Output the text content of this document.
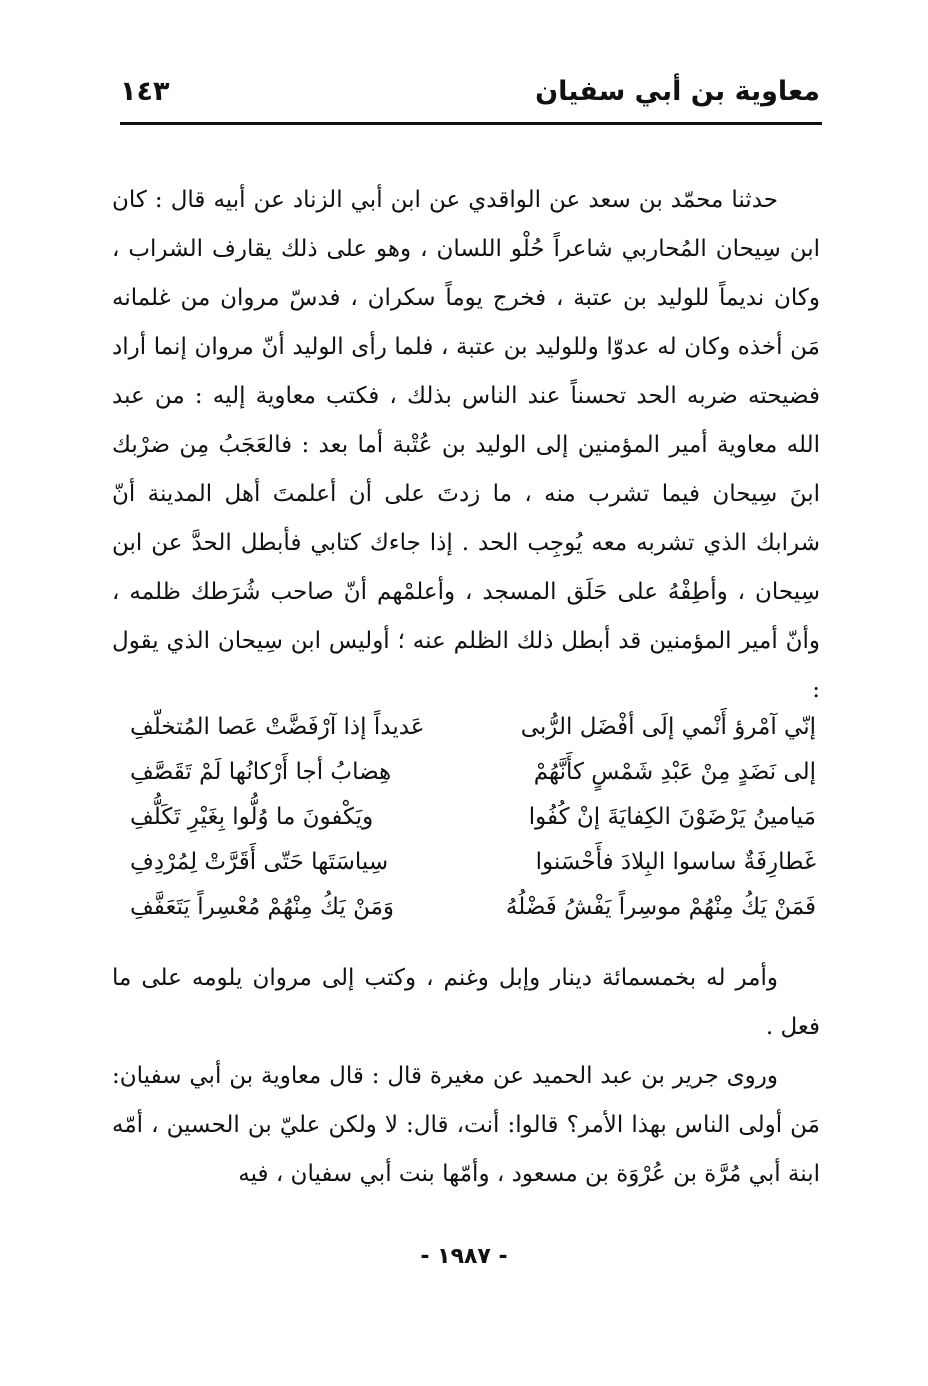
معاوية بن أبي سفيان
١٤٣

حدثنا محمّد بن سعد عن الواقدي عن ابن أبي الزناد عن أبيه قال : كان ابن سِيحان المُحاربي شاعراً حُلْو اللسان ، وهو على ذلك يقارف الشراب ، وكان نديماً للوليد بن عتبة ، فخرج يوماً سكران ، فدسّ مروان من غلمانه مَن أخذه وكان له عدوّا وللوليد بن عتبة ، فلما رأى الوليد أنّ مروان إنما أراد فضيحته ضربه الحد تحسناً عند الناس بذلك ، فكتب معاوية إليه : من عبد الله معاوية أمير المؤمنين إلى الوليد بن عُتْبة أما بعد : فالعَجَبُ مِن ضرْبك ابنَ سِيحان فيما تشرب منه ، ما زدتَ على أن أعلمتَ أهل المدينة أنّ شرابك الذي تشربه معه يُوجِب الحد . إذا جاءك كتابي فأبطل الحدَّ عن ابن سِيحان ، وأطِفْهُ على حَلَق المسجد ، وأعلمْهم أنّ صاحب شُرَطك ظلمه ، وأنّ أمير المؤمنين قد أبطل ذلك الظلم عنه ؛ أوليس ابن سِيحان الذي يقول :

إنّي آمْرؤ أَنْمي إلَى أفْضَل الرُّبى
عَديداً إذا آرْفَضَّتْ عَصا المُتخلّفِ
إلى نَضَدٍ مِنْ عَبْدِ شَمْسٍ كأَنَّهُمْ
هِضابُ أجا أَرْكانُها لَمْ تَقَصَّفِ
مَيامينُ يَرْضَوْنَ الكِفايَةَ إنْ كُفُوا
ويَكْفونَ ما وُلُّوا بِغَيْرِ تَكَلُّفِ
غَطارِفَةٌ ساسوا البِلادَ فأَحْسَنوا
سِياسَتَها حَتّى أَقَرَّتْ لِمُرْدِفِ
فَمَنْ يَكُ مِنْهُمْ موسِراً يَفْشُ فَضْلُهُ
وَمَنْ يَكُ مِنْهُمْ مُعْسِراً يَتَعَفَّفِ

وأمر له بخمسمائة دينار وإبل وغنم ، وكتب إلى مروان يلومه على ما فعل .

وروى جرير بن عبد الحميد عن مغيرة قال : قال معاوية بن أبي سفيان: مَن أولى الناس بهذا الأمر؟ قالوا: أنت، قال: لا ولكن عليّ بن الحسين ، أمّه ابنة أبي مُرَّة بن عُرْوَة بن مسعود ، وأمّها بنت أبي سفيان ، فيه

- ١٩٨٧ -
